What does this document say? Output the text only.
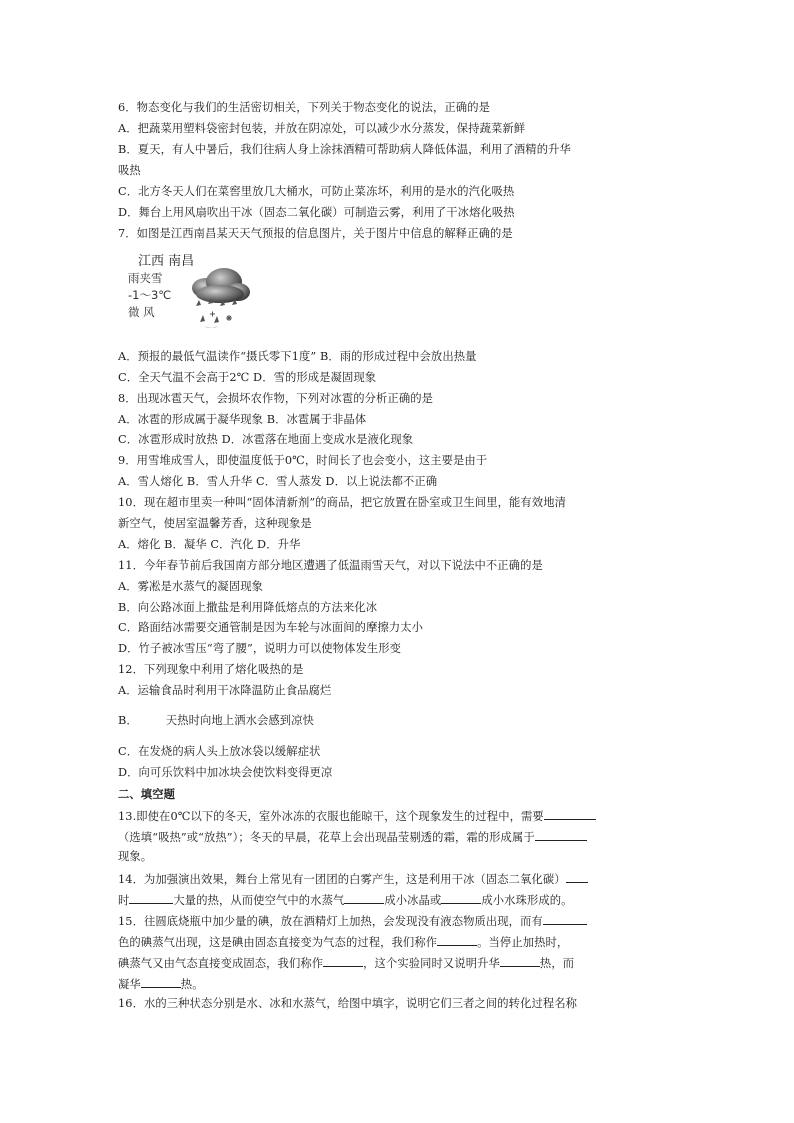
6．物态变化与我们的生活密切相关，下列关于物态变化的说法，正确的是
A．把蔬菜用塑料袋密封包装，并放在阴凉处，可以减少水分蒸发，保持蔬菜新鲜
B．夏天，有人中暑后，我们往病人身上涂抹酒精可帮助病人降低体温，利用了酒精的升华
吸热
C．北方冬天人们在菜窖里放几大桶水，可防止菜冻坏，利用的是水的汽化吸热
D．舞台上用风扇吹出干冰（固态二氧化碳）可制造云雾，利用了干冰熔化吸热
7．如图是江西南昌某天天气预报的信息图片，关于图片中信息的解释正确的是
江西 南昌
雨夹雪
-1～3℃
微 风
A．预报的最低气温读作“摄氏零下1度” B．雨的形成过程中会放出热量
C．全天气温不会高于2℃ D．雪的形成是凝固现象
8．出现冰雹天气，会损坏农作物，下列对冰雹的分析正确的是
A．冰雹的形成属于凝华现象 B．冰雹属于非晶体
C．冰雹形成时放热 D．冰雹落在地面上变成水是液化现象
9．用雪堆成雪人，即使温度低于0℃，时间长了也会变小，这主要是由于
A．雪人熔化 B．雪人升华 C．雪人蒸发 D．以上说法都不正确
10．现在超市里卖一种叫“固体清新剂”的商品，把它放置在卧室或卫生间里，能有效地清
新空气，使居室温馨芳香，这种现象是
A．熔化 B．凝华 C．汽化 D．升华
11．今年春节前后我国南方部分地区遭遇了低温雨雪天气，对以下说法中不正确的是
A．雾凇是水蒸气的凝固现象
B．向公路冰面上撒盐是利用降低熔点的方法来化冰
C．路面结冰需要交通管制是因为车轮与冰面间的摩擦力太小
D．竹子被冰雪压“弯了腰”，说明力可以使物体发生形变
12．下列现象中利用了熔化吸热的是
A．运输食品时利用干冰降温防止食品腐烂
B． 天热时向地上洒水会感到凉快
C．在发烧的病人头上放冰袋以缓解症状
D．向可乐饮料中加冰块会使饮料变得更凉
二、填空题
13.即使在0℃以下的冬天，室外冰冻的衣服也能晾干，这个现象发生的过程中，需要
（选填“吸热”或“放热”）；冬天的早晨，花草上会出现晶莹剔透的霜，霜的形成属于
现象。
14．为加强演出效果，舞台上常见有一团团的白雾产生，这是利用干冰（固态二氧化碳）
时	大量的热，从而使空气中的水蒸气	成小冰晶或	成小水珠形成的。
15．往圆底烧瓶中加少量的碘，放在酒精灯上加热，会发现没有液态物质出现，而有
色的碘蒸气出现，这是碘由固态直接变为气态的过程，我们称作	。当停止加热时，
碘蒸气又由气态直接变成固态，我们称作	，这个实验同时又说明升华	热，而
凝华	热。
16．水的三种状态分别是水、冰和水蒸气，给图中填字，说明它们三者之间的转化过程名称
